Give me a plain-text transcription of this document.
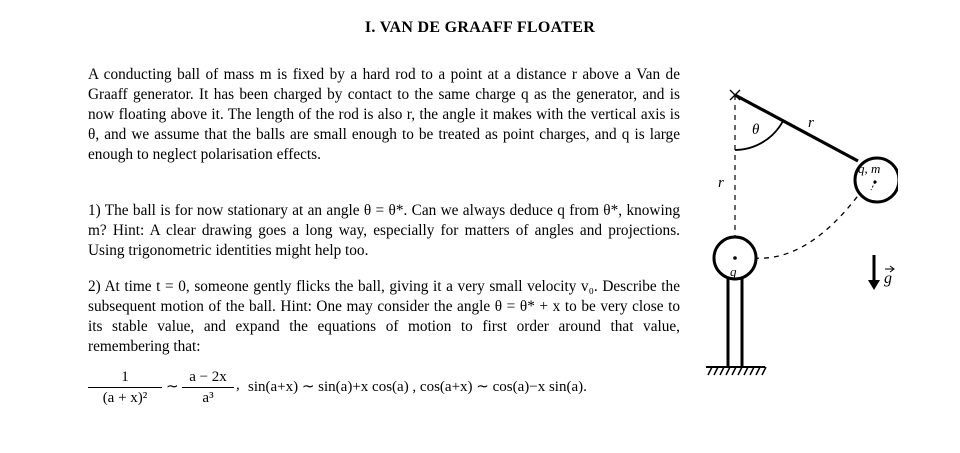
I. VAN DE GRAAFF FLOATER
A conducting ball of mass m is fixed by a hard rod to a point at a distance r above a Van de Graaff generator. It has been charged by contact to the same charge q as the generator, and is now floating above it. The length of the rod is also r, the angle it makes with the vertical axis is θ, and we assume that the balls are small enough to be treated as point charges, and q is large enough to neglect polarisation effects.
1) The ball is for now stationary at an angle θ = θ*. Can we always deduce q from θ*, knowing m? Hint: A clear drawing goes a long way, especially for matters of angles and projections. Using trigonometric identities might help too.
2) At time t = 0, someone gently flicks the ball, giving it a very small velocity v₀. Describe the subsequent motion of the ball. Hint: One may consider the angle θ = θ* + x to be very close to its stable value, and expand the equations of motion to first order around that value, remembering that:
1
(a + x)²
∼
a − 2x
a³
, sin(a+x) ∼ sin(a)+x cos(a) , cos(a+x) ∼ cos(a)−x sin(a).
θ	r
r
q, m
q	g
